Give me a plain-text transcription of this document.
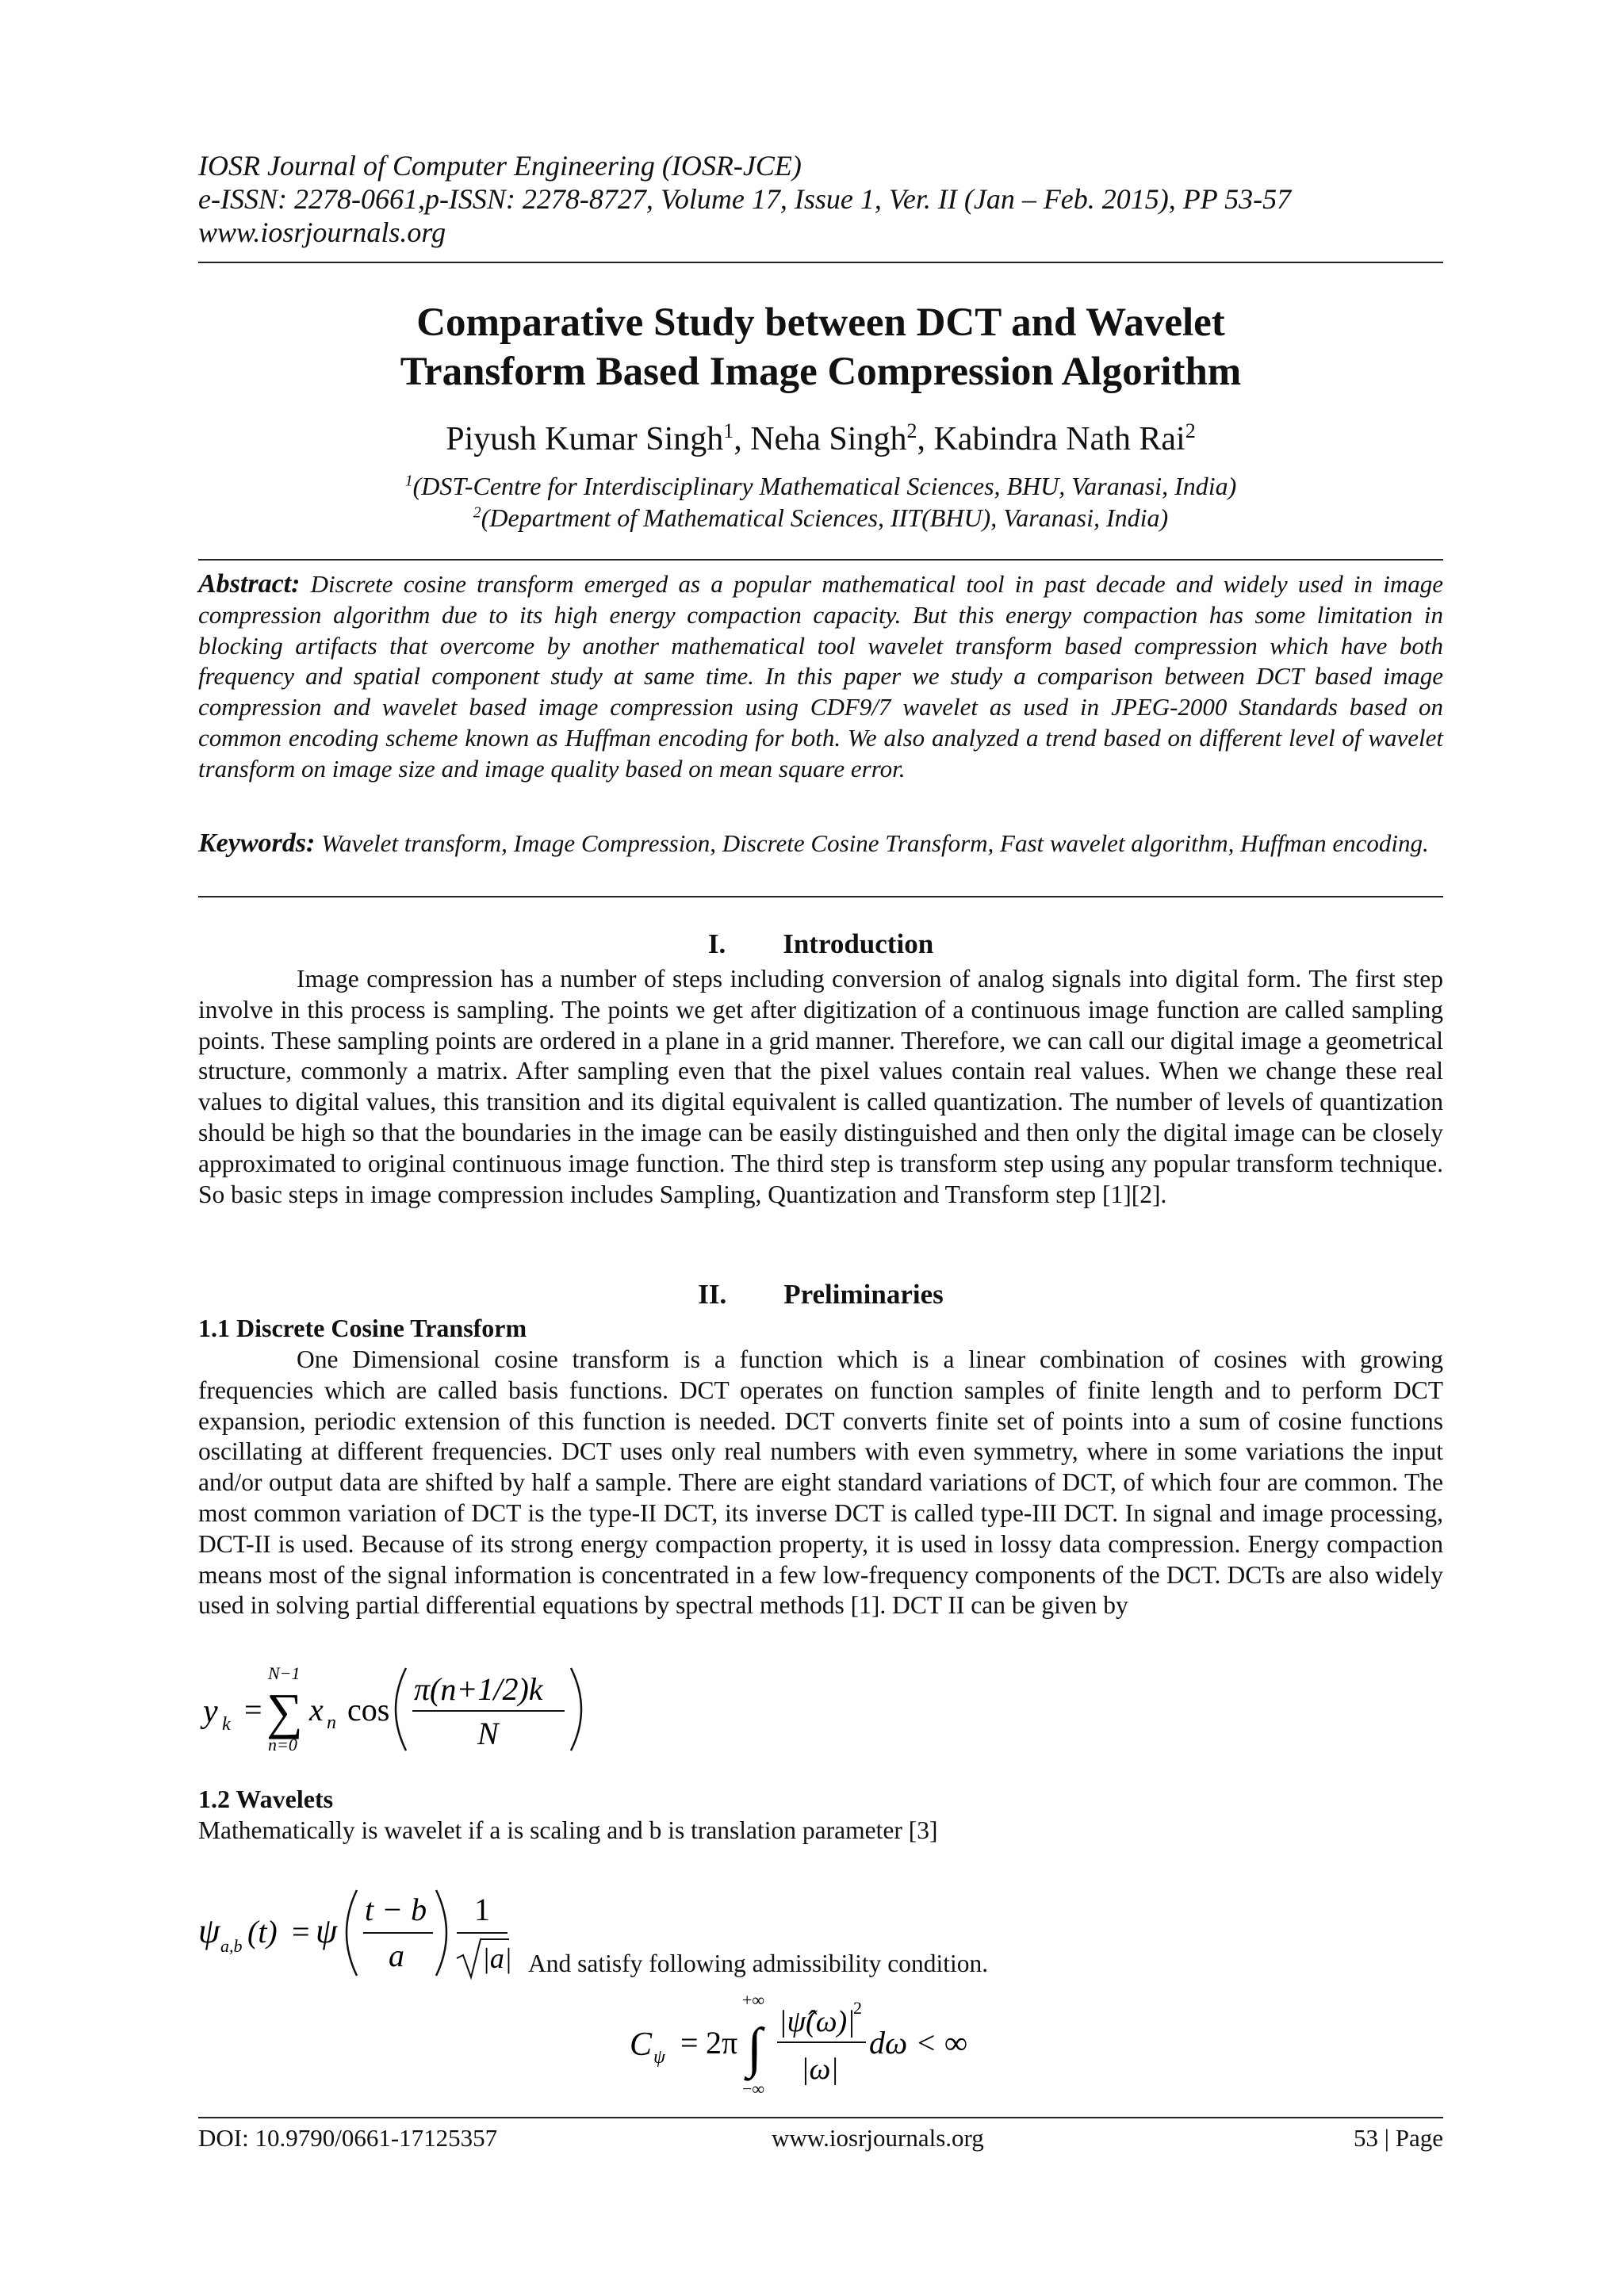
IOSR Journal of Computer Engineering (IOSR-JCE)
e-ISSN: 2278-0661,p-ISSN: 2278-8727, Volume 17, Issue 1, Ver. II (Jan – Feb. 2015), PP 53-57
www.iosrjournals.org
Comparative Study between DCT and Wavelet
Transform Based Image Compression Algorithm
Piyush Kumar Singh$^1$, Neha Singh$^2$, Kabindra Nath Rai$^2$
$^1$(DST-Centre for Interdisciplinary Mathematical Sciences, BHU, Varanasi, India)
$^2$(Department of Mathematical Sciences, IIT(BHU), Varanasi, India)
Abstract: Discrete cosine transform emerged as a popular mathematical tool in past decade and widely used in image compression algorithm due to its high energy compaction capacity. But this energy compaction has some limitation in blocking artifacts that overcome by another mathematical tool wavelet transform based compression which have both frequency and spatial component study at same time. In this paper we study a comparison between DCT based image compression and wavelet based image compression using CDF9/7 wavelet as used in JPEG-2000 Standards based on common encoding scheme known as Huffman encoding for both. We also analyzed a trend based on different level of wavelet transform on image size and image quality based on mean square error.
Keywords: Wavelet transform, Image Compression, Discrete Cosine Transform, Fast wavelet algorithm, Huffman encoding.
I. Introduction
Image compression has a number of steps including conversion of analog signals into digital form. The first step involve in this process is sampling. The points we get after digitization of a continuous image function are called sampling points. These sampling points are ordered in a plane in a grid manner. Therefore, we can call our digital image a geometrical structure, commonly a matrix. After sampling even that the pixel values contain real values. When we change these real values to digital values, this transition and its digital equivalent is called quantization. The number of levels of quantization should be high so that the boundaries in the image can be easily distinguished and then only the digital image can be closely approximated to original continuous image function. The third step is transform step using any popular transform technique. So basic steps in image compression includes Sampling, Quantization and Transform step [1][2].
II. Preliminaries
1.1 Discrete Cosine Transform
One Dimensional cosine transform is a function which is a linear combination of cosines with growing frequencies which are called basis functions. DCT operates on function samples of finite length and to perform DCT expansion, periodic extension of this function is needed. DCT converts finite set of points into a sum of cosine functions oscillating at different frequencies. DCT uses only real numbers with even symmetry, where in some variations the input and/or output data are shifted by half a sample. There are eight standard variations of DCT, of which four are common. The most common variation of DCT is the type-II DCT, its inverse DCT is called type-III DCT. In signal and image processing, DCT-II is used. Because of its strong energy compaction property, it is used in lossy data compression. Energy compaction means most of the signal information is concentrated in a few low-frequency components of the DCT. DCTs are also widely used in solving partial differential equations by spectral methods [1]. DCT II can be given by
y k =
N−1
∑
n=0
x n cos
π(n+1/2)k
N
1.2 Wavelets
Mathematically is wavelet if a is scaling and b is translation parameter [3]
ψ a,b (t) = ψ
t − b
a
1
|a| And satisfy following admissibility condition.
C ψ = 2π
+∞
∫
−∞
|ψ̂(ω)|
2
|ω|
dω < ∞
DOI: 10.9790/0661-17125357	www.iosrjournals.org	53 | Page
